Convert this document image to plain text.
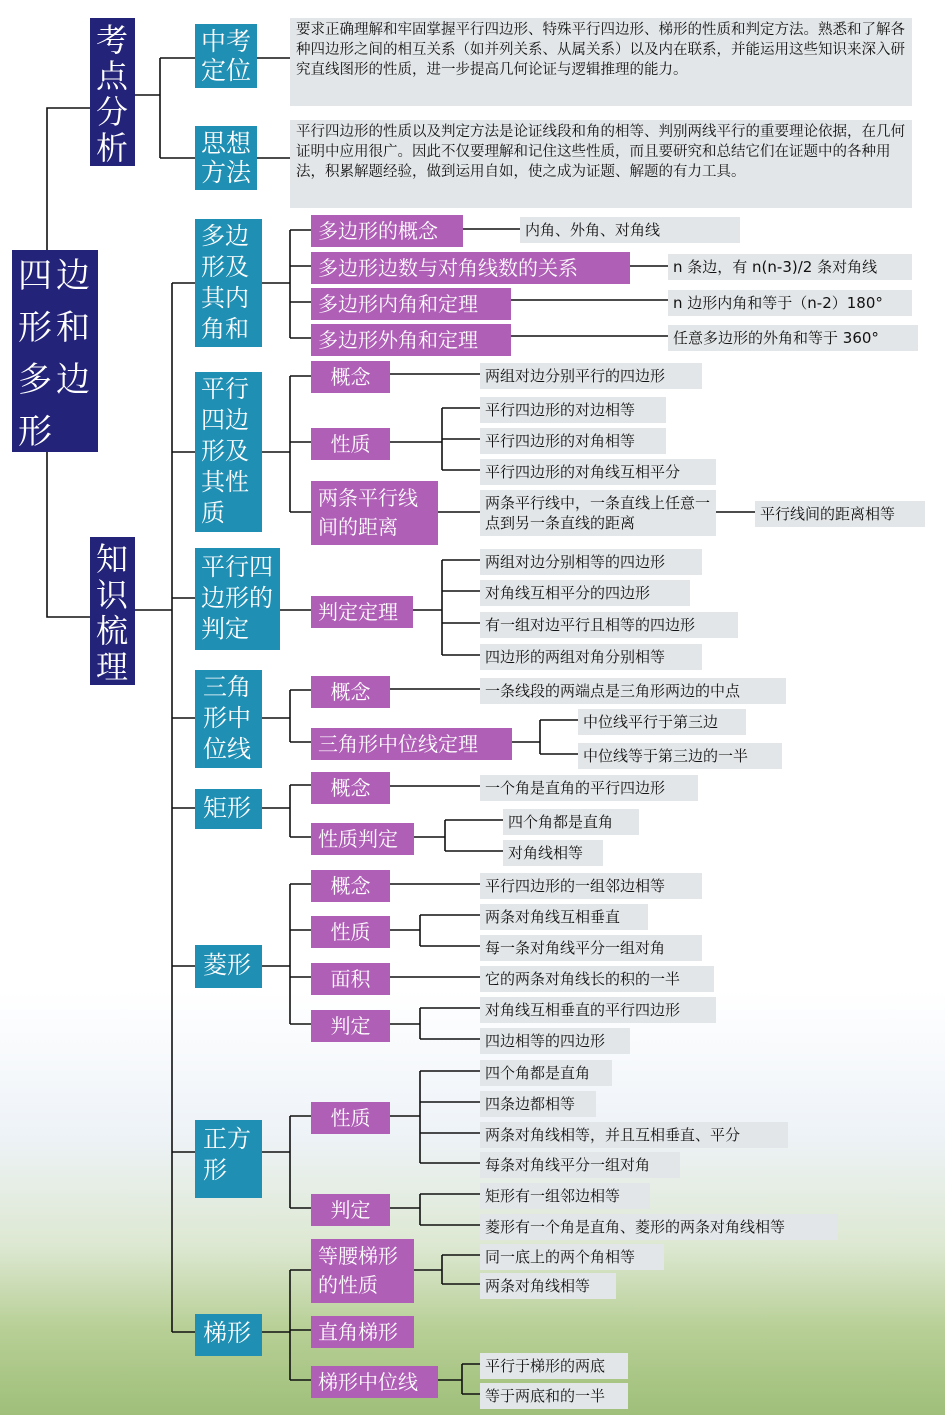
四边形和多边形
考点分析
知识梳理
中考定位
要求正确理解和牢固掌握平行四边形、特殊平行四边形、梯形的性质和判定方法。熟悉和了解各种四边形之间的相互关系（如并列关系、从属关系）以及内在联系，并能运用这些知识来深入研究直线图形的性质，进一步提高几何论证与逻辑推理的能力。
思想方法
平行四边形的性质以及判定方法是论证线段和角的相等、判别两线平行的重要理论依据，在几何证明中应用很广。因此不仅要理解和记住这些性质，而且要研究和总结它们在证题中的各种用法，积累解题经验，做到运用自如，使之成为证题、解题的有力工具。
多边形及其内角和
多边形的概念	内角、外角、对角线
多边形边数与对角线数的关系	n 条边，有 n(n-3)/2 条对角线
多边形内角和定理	n 边形内角和等于（n-2）180°
多边形外角和定理	任意多边形的外角和等于 360°
平行四边形及其性质
概念	两组对边分别平行的四边形
性质
平行四边形的对边相等
平行四边形的对角相等
平行四边形的对角线互相平分
两条平行线间的距离
两条平行线中，一条直线上任意一点到另一条直线的距离	平行线间的距离相等
平行四边形的判定
判定定理
两组对边分别相等的四边形
对角线互相平分的四边形
有一组对边平行且相等的四边形
四边形的两组对角分别相等
三角形中位线
概念	一条线段的两端点是三角形两边的中点
三角形中位线定理
中位线平行于第三边
中位线等于第三边的一半
矩形
概念	一个角是直角的平行四边形
性质判定
四个角都是直角
对角线相等
菱形
概念	平行四边形的一组邻边相等
性质
两条对角线互相垂直
每一条对角线平分一组对角
面积	它的两条对角线长的积的一半
判定
对角线互相垂直的平行四边形
四边相等的四边形
正方形
性质
四个角都是直角
四条边都相等
两条对角线相等，并且互相垂直、平分
每条对角线平分一组对角
判定
矩形有一组邻边相等
菱形有一个角是直角、菱形的两条对角线相等
梯形
等腰梯形的性质
同一底上的两个角相等
两条对角线相等
直角梯形
梯形中位线
平行于梯形的两底
等于两底和的一半
